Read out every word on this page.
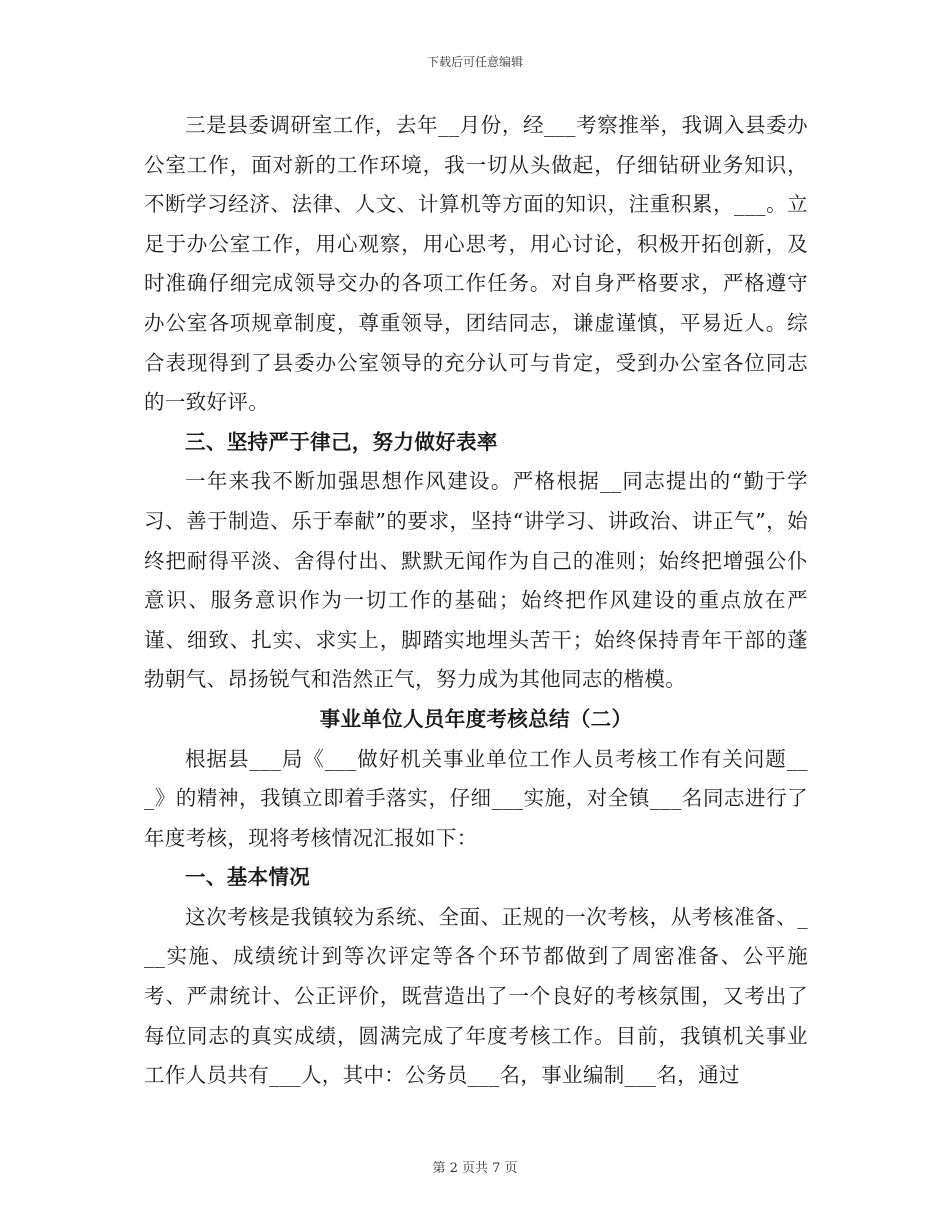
下载后可任意编辑

三是县委调研室工作，去年__月份，经___考察推举，我调入县委办公室工作，面对新的工作环境，我一切从头做起，仔细钻研业务知识，不断学习经济、法律、人文、计算机等方面的知识，注重积累，___。立足于办公室工作，用心观察，用心思考，用心讨论，积极开拓创新，及时准确仔细完成领导交办的各项工作任务。对自身严格要求，严格遵守办公室各项规章制度，尊重领导，团结同志，谦虚谨慎，平易近人。综合表现得到了县委办公室领导的充分认可与肯定，受到办公室各位同志的一致好评。

三、坚持严于律己，努力做好表率

一年来我不断加强思想作风建设。严格根据__同志提出的“勤于学习、善于制造、乐于奉献”的要求，坚持“讲学习、讲政治、讲正气”，始终把耐得平淡、舍得付出、默默无闻作为自己的准则；始终把增强公仆意识、服务意识作为一切工作的基础；始终把作风建设的重点放在严谨、细致、扎实、求实上，脚踏实地埋头苦干；始终保持青年干部的蓬勃朝气、昂扬锐气和浩然正气，努力成为其他同志的楷模。

事业单位人员年度考核总结（二）

根据县___局《___做好机关事业单位工作人员考核工作有关问题___》的精神，我镇立即着手落实，仔细___实施，对全镇___名同志进行了年度考核，现将考核情况汇报如下：

一、基本情况

这次考核是我镇较为系统、全面、正规的一次考核，从考核准备、___实施、成绩统计到等次评定等各个环节都做到了周密准备、公平施考、严肃统计、公正评价，既营造出了一个良好的考核氛围，又考出了每位同志的真实成绩，圆满完成了年度考核工作。目前，我镇机关事业工作人员共有___人，其中：公务员___名，事业编制___名，通过

第 2 页共 7 页
